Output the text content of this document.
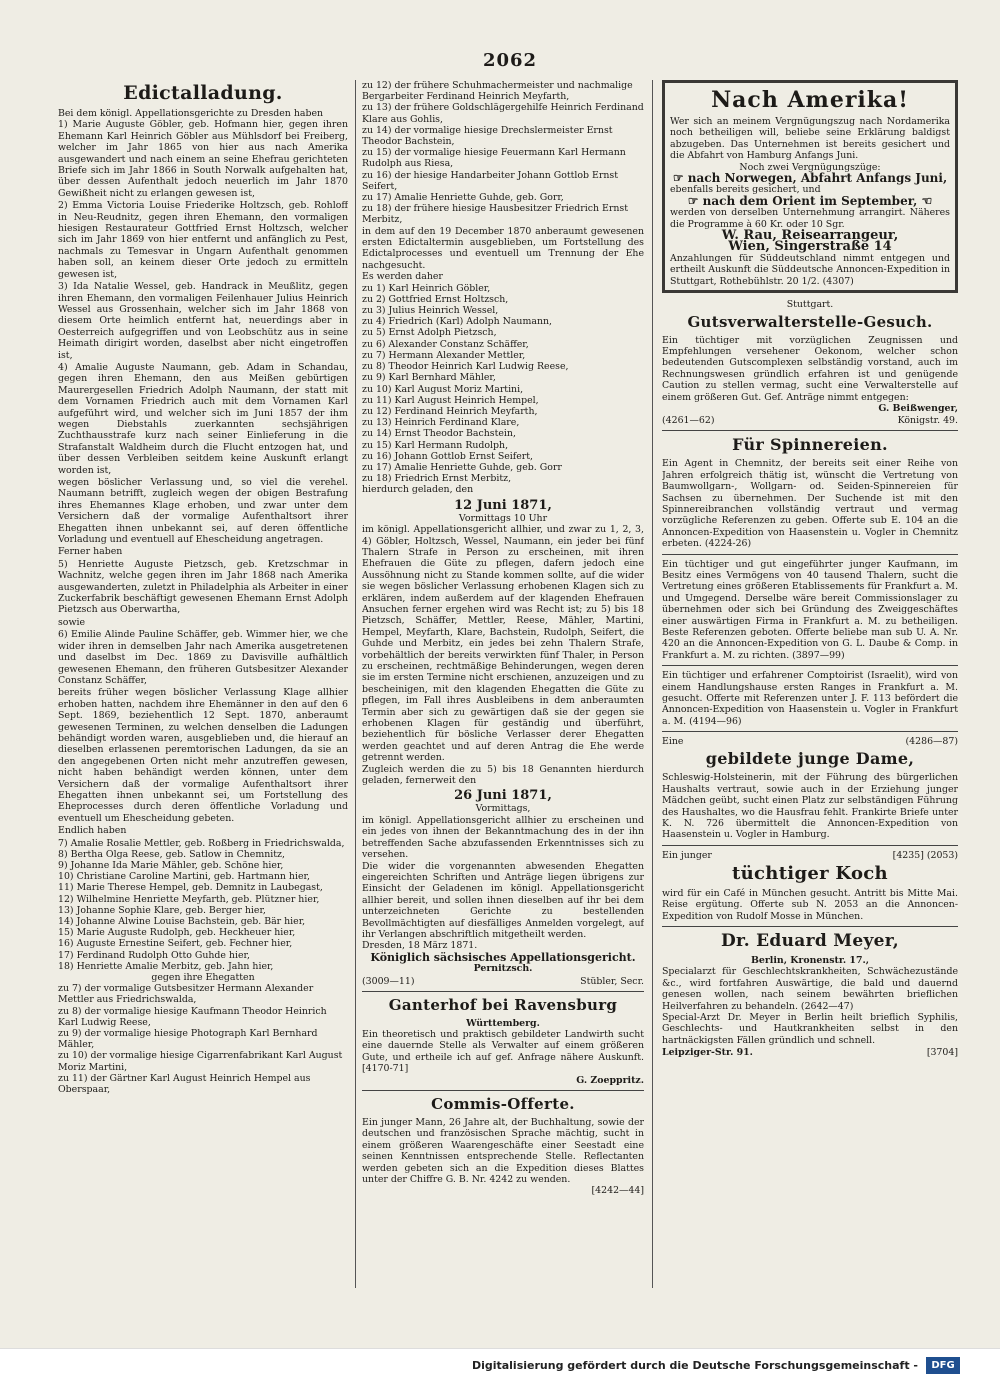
2062
Edictalladung.
Bei dem königl. Appellationsgerichte zu Dresden haben

1) Marie Auguste Göbler, geb. Hofmann hier, gegen ihren Ehemann Karl Heinrich Göbler aus Mühlsdorf bei Freiberg, welcher im Jahr 1865 von hier aus nach Amerika ausgewandert und nach einem an seine Ehefrau gerichteten Briefe sich im Jahr 1866 in South Norwalk aufgehalten hat, über dessen Aufenthalt jedoch neuerlich im Jahr 1870 Gewißheit nicht zu erlangen gewesen ist,

2) Emma Victoria Louise Friederike Holtzsch, geb. Rohloff in Neu-Reudnitz, gegen ihren Ehemann, den vormaligen hiesigen Restaurateur Gottfried Ernst Holtzsch, welcher sich im Jahr 1869 von hier entfernt und anfänglich zu Pest, nachmals zu Temesvar in Ungarn Aufenthalt genommen haben soll, an keinem dieser Orte jedoch zu ermitteln gewesen ist,

3) Ida Natalie Wessel, geb. Handrack in Meußlitz, gegen ihren Ehemann, den vormaligen Feilenhauer Julius Heinrich Wessel aus Grossenhain, welcher sich im Jahr 1868 von diesem Orte heimlich entfernt hat, neuerdings aber in Oesterreich aufgegriffen und von Leobschütz aus in seine Heimath dirigirt worden, daselbst aber nicht eingetroffen ist,

4) Amalie Auguste Naumann, geb. Adam in Schandau, gegen ihren Ehemann, den aus Meißen gebürtigen Maurergesellen Friedrich Adolph Naumann, der statt mit dem Vornamen Friedrich auch mit dem Vornamen Karl aufgeführt wird, und welcher sich im Juni 1857 der ihm wegen Diebstahls zuerkannten sechsjährigen Zuchthausstrafe kurz nach seiner Einlieferung in die Strafanstalt Waldheim durch die Flucht entzogen hat, und über dessen Verbleiben seitdem keine Auskunft erlangt worden ist,

wegen böslicher Verlassung und, so viel die verehel. Naumann betrifft, zugleich wegen der obigen Bestrafung ihres Ehemannes Klage erhoben, und zwar unter dem Versichern daß der vormalige Aufenthaltsort ihrer Ehegatten ihnen unbekannt sei, auf deren öffentliche Vorladung und eventuell auf Ehescheidung angetragen.

Ferner haben

5) Henriette Auguste Pietzsch, geb. Kretzschmar in Wachnitz, welche gegen ihren im Jahr 1868 nach Amerika ausgewanderten, zuletzt in Philadelphia als Arbeiter in einer Zuckerfabrik beschäftigt gewesenen Ehemann Ernst Adolph Pietzsch aus Oberwartha,

sowie

6) Emilie Alinde Pauline Schäffer, geb. Wimmer hier, we che wider ihren in demselben Jahr nach Amerika ausgetretenen und daselbst im Dec. 1869 zu Davisville aufhältlich gewesenen Ehemann, den früheren Gutsbesitzer Alexander Constanz Schäffer,

bereits früher wegen böslicher Verlassung Klage allhier erhoben hatten, nachdem ihre Ehemänner in den auf den 6 Sept. 1869, beziehentlich 12 Sept. 1870, anberaumt gewesenen Terminen, zu welchen denselben die Ladungen behändigt worden waren, ausgeblieben und, die hierauf an dieselben erlassenen peremtorischen Ladungen, da sie an den angegebenen Orten nicht mehr anzutreffen gewesen, nicht haben behändigt werden können, unter dem Versichern daß der vormalige Aufenthaltsort ihrer Ehegatten ihnen unbekannt sei, um Fortstellung des Eheprocesses durch deren öffentliche Vorladung und eventuell um Ehescheidung gebeten.

Endlich haben

7) Amalie Rosalie Mettler, geb. Roßberg in Friedrichswalda,
8) Bertha Olga Reese, geb. Satlow in Chemnitz,
9) Johanne Ida Marie Mähler, geb. Schöne hier,
10) Christiane Caroline Martini, geb. Hartmann hier,
11) Marie Therese Hempel, geb. Demnitz in Laubegast,
12) Wilhelmine Henriette Meyfarth, geb. Plützner hier,
13) Johanne Sophie Klare, geb. Berger hier,
14) Johanne Alwine Louise Bachstein, geb. Bär hier,
15) Marie Auguste Rudolph, geb. Heckheuer hier,
16) Auguste Ernestine Seifert, geb. Fechner hier,
17) Ferdinand Rudolph Otto Guhde hier,
18) Henriette Amalie Merbitz, geb. Jahn hier,
gegen ihre Ehegatten
zu 7) der vormalige Gutsbesitzer Hermann Alexander Mettler aus Friedrichswalda,
zu 8) der vormalige hiesige Kaufmann Theodor Heinrich Karl Ludwig Reese,
zu 9) der vormalige hiesige Photograph Karl Bernhard Mähler,
zu 10) der vormalige hiesige Cigarrenfabrikant Karl August Moriz Martini,
zu 11) der Gärtner Karl August Heinrich Hempel aus Oberspaar,
zu 12) der frühere Schuhmachermeister und nachmalige Bergarbeiter Ferdinand Heinrich Meyfarth,
zu 13) der frühere Goldschlägergehilfe Heinrich Ferdinand Klare aus Gohlis,
zu 14) der vormalige hiesige Drechslermeister Ernst Theodor Bachstein,
zu 15) der vormalige hiesige Feuermann Karl Hermann Rudolph aus Riesa,
zu 16) der hiesige Handarbeiter Johann Gottlob Ernst Seifert,
zu 17) Amalie Henriette Guhde, geb. Gorr,
zu 18) der frühere hiesige Hausbesitzer Friedrich Ernst Merbitz,
in dem auf den 19 December 1870 anberaumt gewesenen ersten Edictaltermin ausgeblieben, um Fortstellung des Edictalprocesses und eventuell um Trennung der Ehe nachgesucht.
Es werden daher
zu 1) Karl Heinrich Göbler,
zu 2) Gottfried Ernst Holtzsch,
zu 3) Julius Heinrich Wessel,
zu 4) Friedrich (Karl) Adolph Naumann,
zu 5) Ernst Adolph Pietzsch,
zu 6) Alexander Constanz Schäffer,
zu 7) Hermann Alexander Mettler,
zu 8) Theodor Heinrich Karl Ludwig Reese,
zu 9) Karl Bernhard Mähler,
zu 10) Karl August Moriz Martini,
zu 11) Karl August Heinrich Hempel,
zu 12) Ferdinand Heinrich Meyfarth,
zu 13) Heinrich Ferdinand Klare,
zu 14) Ernst Theodor Bachstein,
zu 15) Karl Hermann Rudolph,
zu 16) Johann Gottlob Ernst Seifert,
zu 17) Amalie Henriette Guhde, geb. Gorr
zu 18) Friedrich Ernst Merbitz,
hierdurch geladen, den
12 Juni 1871,
Vormittags 10 Uhr
im königl. Appellationsgericht allhier, und zwar zu 1, 2, 3, 4) Göbler, Holtzsch, Wessel, Naumann, ein jeder bei fünf Thalern Strafe in Person zu erscheinen, mit ihren Ehefrauen die Güte zu pflegen, dafern jedoch eine Aussöhnung nicht zu Stande kommen sollte, auf die wider sie wegen böslicher Verlassung erhobenen Klagen sich zu erklären, indem außerdem auf der klagenden Ehefrauen Ansuchen ferner ergehen wird was Recht ist; zu 5) bis 18 Pietzsch, Schäffer, Mettler, Reese, Mähler, Martini, Hempel, Meyfarth, Klare, Bachstein, Rudolph, Seifert, die Guhde und Merbitz, ein jedes bei zehn Thalern Strafe, vorbehältlich der bereits verwirkten fünf Thaler, in Person zu erscheinen, rechtmäßige Behinderungen, wegen deren sie im ersten Termine nicht erschienen, anzuzeigen und zu bescheinigen, mit den klagenden Ehegatten die Güte zu pflegen, im Fall ihres Ausbleibens in dem anberaumten Termin aber sich zu gewärtigen daß sie der gegen sie erhobenen Klagen für geständig und überführt, beziehentlich für bösliche Verlasser derer Ehegatten werden geachtet und auf deren Antrag die Ehe werde getrennt werden.
Zugleich werden die zu 5) bis 18 Genannten hierdurch geladen, fernerweit den
26 Juni 1871,
Vormittags,
im königl. Appellationsgericht allhier zu erscheinen und ein jedes von ihnen der Bekanntmachung des in der ihn betreffenden Sache abzufassenden Erkenntnisses sich zu versehen.
Die wider die vorgenannten abwesenden Ehegatten eingereichten Schriften und Anträge liegen übrigens zur Einsicht der Geladenen im königl. Appellationsgericht allhier bereit, und sollen ihnen dieselben auf ihr bei dem unterzeichneten Gerichte zu bestellenden Bevollmächtigten auf diesfälliges Anmelden vorgelegt, auf ihr Verlangen abschriftlich mitgetheilt werden.
Dresden, 18 März 1871.
Königlich sächsisches Appellationsgericht.
Pernitzsch.
(3009—11)	Stübler, Secr.
Ganterhof bei Ravensburg
Württemberg.
Ein theoretisch und praktisch gebildeter Landwirth sucht eine dauernde Stelle als Verwalter auf einem größeren Gute, und ertheile ich auf gef. Anfrage nähere Auskunft. [4170-71]
G. Zoeppritz.
Commis-Offerte.
Ein junger Mann, 26 Jahre alt, der Buchhaltung, sowie der deutschen und französischen Sprache mächtig, sucht in einem größeren Waarengeschäfte einer Seestadt eine seinen Kenntnissen entsprechende Stelle. Reflectanten werden gebeten sich an die Expedition dieses Blattes unter der Chiffre G. B. Nr. 4242 zu wenden.
[4242—44]
Nach Amerika!
Wer sich an meinem Vergnügungszug nach Nordamerika noch betheiligen will, beliebe seine Erklärung baldigst abzugeben. Das Unternehmen ist bereits gesichert und die Abfahrt von Hamburg Anfangs Juni.
Noch zwei Vergnügungszüge:
☞ nach Norwegen, Abfahrt Anfangs Juni,
ebenfalls bereits gesichert, und
☞ nach dem Orient im September, ☜
werden von derselben Unternehmung arrangirt. Näheres die Programme à 60 Kr. oder 10 Sgr.
W. Rau, Reisearrangeur,
Wien, Singerstraße 14
Anzahlungen für Süddeutschland nimmt entgegen und ertheilt Auskunft die Süddeutsche Annoncen-Expedition in Stuttgart, Rothebühlstr. 20 1/2. (4307)
Stuttgart.
Gutsverwalterstelle-Gesuch.
Ein tüchtiger mit vorzüglichen Zeugnissen und Empfehlungen versehener Oekonom, welcher schon bedeutenden Gutscomplexen selbständig vorstand, auch im Rechnungswesen gründlich erfahren ist und genügende Caution zu stellen vermag, sucht eine Verwalterstelle auf einem größeren Gut. Gef. Anträge nimmt entgegen:
G. Beißwenger,
(4261—62)	Königstr. 49.
Für Spinnereien.
Ein Agent in Chemnitz, der bereits seit einer Reihe von Jahren erfolgreich thätig ist, wünscht die Vertretung von Baumwollgarn-, Wollgarn- od. Seiden-Spinnereien für Sachsen zu übernehmen. Der Suchende ist mit den Spinnereibranchen vollständig vertraut und vermag vorzügliche Referenzen zu geben. Offerte sub E. 104 an die Annoncen-Expedition von Haasenstein u. Vogler in Chemnitz erbeten. (4224-26)
Ein tüchtiger und gut eingeführter junger Kaufmann, im Besitz eines Vermögens von 40 tausend Thalern, sucht die Vertretung eines größeren Etablissements für Frankfurt a. M. und Umgegend. Derselbe wäre bereit Commissionslager zu übernehmen oder sich bei Gründung des Zweiggeschäftes einer auswärtigen Firma in Frankfurt a. M. zu betheiligen. Beste Referenzen geboten. Offerte beliebe man sub U. A. Nr. 420 an die Annoncen-Expedition von G. L. Daube & Comp. in Frankfurt a. M. zu richten. (3897—99)
Ein tüchtiger und erfahrener Comptoirist (Israelit), wird von einem Handlungshause ersten Ranges in Frankfurt a. M. gesucht. Offerte mit Referenzen unter J. F. 113 befördert die Annoncen-Expedition von Haasenstein u. Vogler in Frankfurt a. M. (4194—96)
Eine	(4286—87)
gebildete junge Dame,
Schleswig-Holsteinerin, mit der Führung des bürgerlichen Haushalts vertraut, sowie auch in der Erziehung junger Mädchen geübt, sucht einen Platz zur selbständigen Führung des Haushaltes, wo die Hausfrau fehlt. Frankirte Briefe unter K. N. 726 übermittelt die Annoncen-Expedition von Haasenstein u. Vogler in Hamburg.
Ein junger	[4235] (2053)
tüchtiger Koch
wird für ein Café in München gesucht. Antritt bis Mitte Mai. Reise ergütung. Offerte sub N. 2053 an die Annoncen-Expedition von Rudolf Mosse in München.
Dr. Eduard Meyer,
Berlin, Kronenstr. 17.,
Specialarzt für Geschlechtskrankheiten, Schwächezustände &c., wird fortfahren Auswärtige, die bald und dauernd genesen wollen, nach seinem bewährten brieflichen Heilverfahren zu behandeln. (2642—47)
Special-Arzt Dr. Meyer in Berlin heilt brieflich Syphilis, Geschlechts- und Hautkrankheiten selbst in den hartnäckigsten Fällen gründlich und schnell.
Leipziger-Str. 91.	[3704]
Digitalisierung gefördert durch die Deutsche Forschungsgemeinschaft -	DFG
